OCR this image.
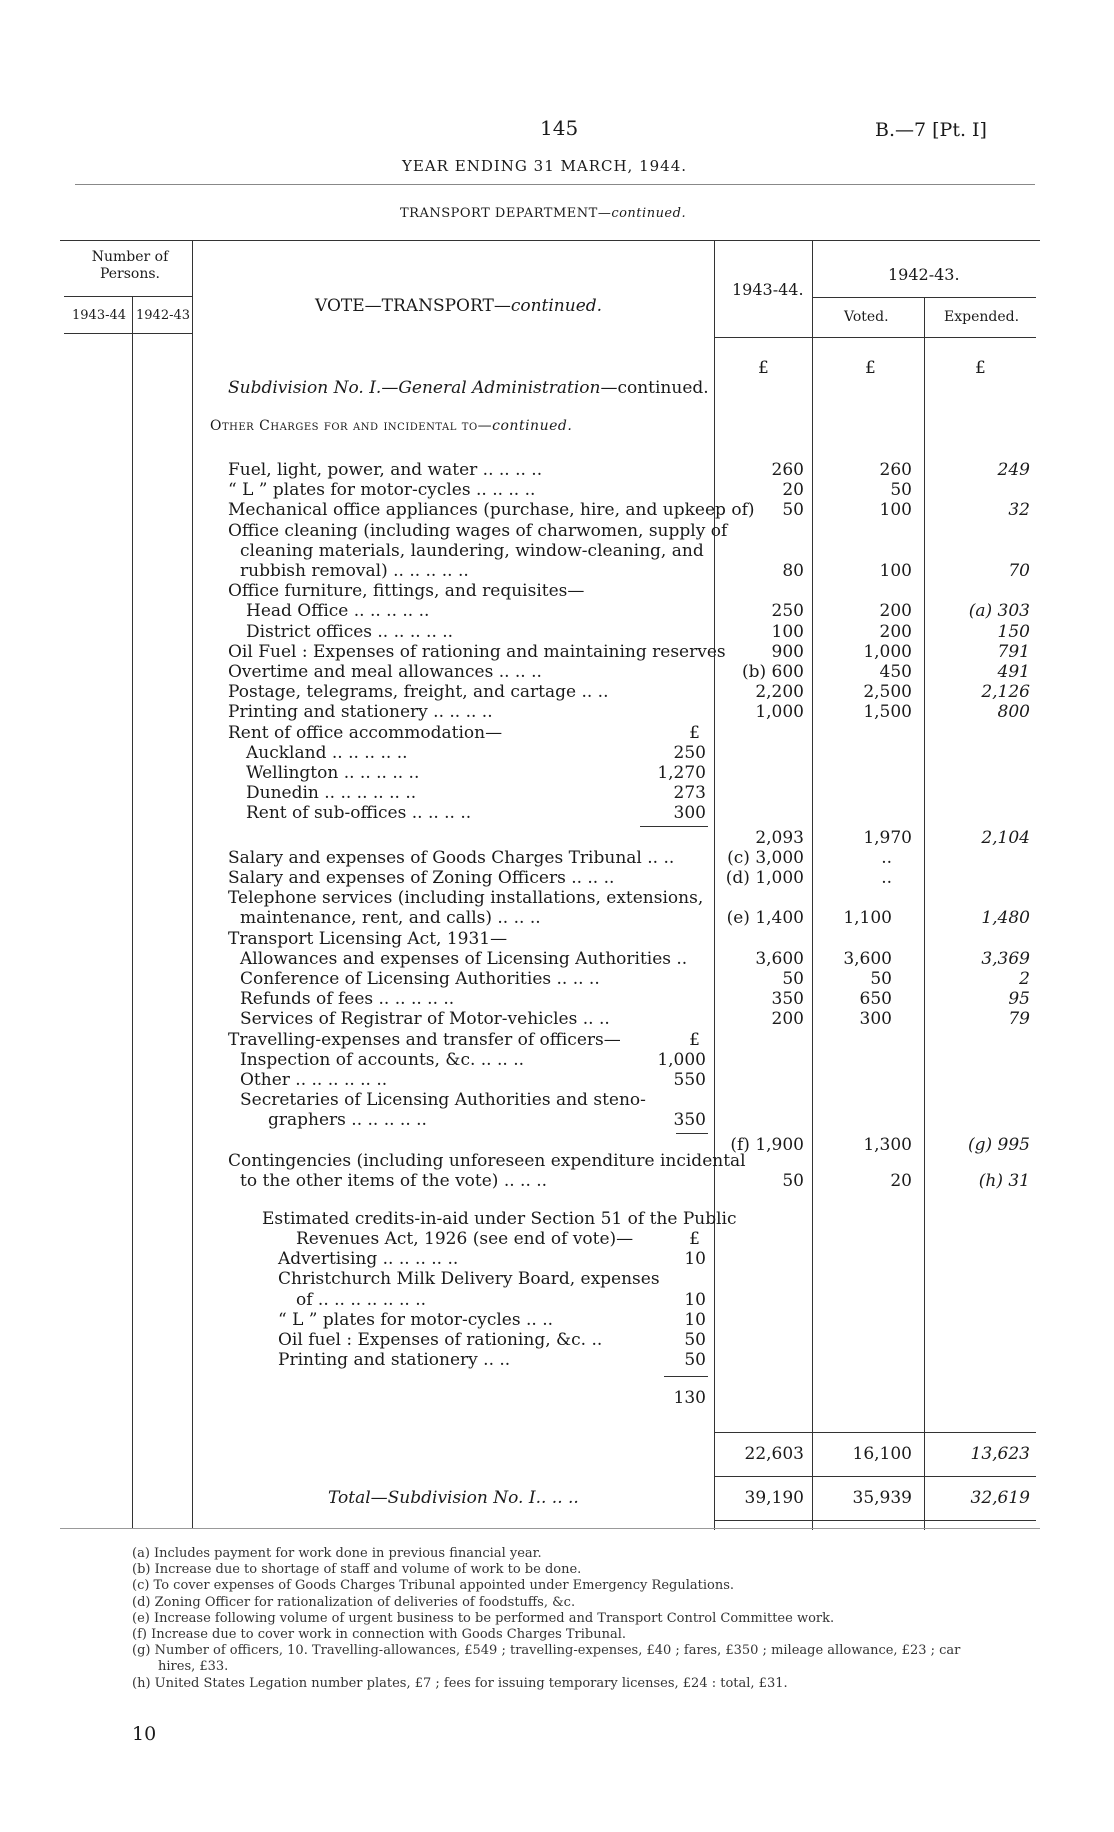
145	B.—7 [Pt. I]
YEAR ENDING 31 MARCH, 1944.
TRANSPORT DEPARTMENT—continued.
Number of Persons.
1943-44 1942-43	VOTE—TRANSPORT—continued.
1943-44.
1942-43.
Voted.	Expended.
£	£	£
Subdivision No. I.—General Administration—continued.
Other Charges for and incidental to—continued.
Fuel, light, power, and water .. .. .. ..	260	260	249
“ L ” plates for motor-cycles .. .. .. ..	20	50
Mechanical office appliances (purchase, hire, and upkeep of) 50	100	32
Office cleaning (including wages of charwomen, supply of
cleaning materials, laundering, window-cleaning, and
rubbish removal) .. .. .. .. ..	80	100	70
Office furniture, fittings, and requisites—
Head Office .. .. .. .. ..	250	200	(a) 303
District offices .. .. .. .. ..	100	200	150
Oil Fuel : Expenses of rationing and maintaining reserves	900	1,000	791
Overtime and meal allowances .. .. ..	(b) 600	450	491
Postage, telegrams, freight, and cartage .. ..	2,200	2,500	2,126
Printing and stationery .. .. .. ..	1,000	1,500	800
Rent of office accommodation—	£
Auckland .. .. .. .. ..	250
Wellington .. .. .. .. ..	1,270
Dunedin .. .. .. .. .. ..	273
Rent of sub-offices .. .. .. ..	300
2,093	1,970	2,104
Salary and expenses of Goods Charges Tribunal .. ..	(c) 3,000	..
Salary and expenses of Zoning Officers .. .. ..	(d) 1,000	..
Telephone services (including installations, extensions,
maintenance, rent, and calls) .. .. ..	(e) 1,400 1,100	1,480
Transport Licensing Act, 1931—
Allowances and expenses of Licensing Authorities ..	3,600 3,600	3,369
Conference of Licensing Authorities .. .. ..	50	50	2
Refunds of fees .. .. .. .. ..	350	650	95
Services of Registrar of Motor-vehicles .. ..	200	300	79
Travelling-expenses and transfer of officers—	£
Inspection of accounts, &c. .. .. ..	1,000
Other .. .. .. .. .. ..	550
Secretaries of Licensing Authorities and steno-
graphers .. .. .. .. ..	350
(f) 1,900	1,300	(g) 995
Contingencies (including unforeseen expenditure incidental
to the other items of the vote) .. .. ..	50	20	(h) 31
Estimated credits-in-aid under Section 51 of the Public
Revenues Act, 1926 (see end of vote)—	£
Advertising .. .. .. .. ..	10
Christchurch Milk Delivery Board, expenses
of .. .. .. .. .. .. ..	10
“ L ” plates for motor-cycles .. ..	10
Oil fuel : Expenses of rationing, &c. ..	50
Printing and stationery .. ..	50
130
22,603	16,100	13,623
Total—Subdivision No. I.. .. ..	39,190	35,939	32,619
(a) Includes payment for work done in previous financial year.
(b) Increase due to shortage of staff and volume of work to be done.
(c) To cover expenses of Goods Charges Tribunal appointed under Emergency Regulations.
(d) Zoning Officer for rationalization of deliveries of foodstuffs, &c.
(e) Increase following volume of urgent business to be performed and Transport Control Committee work.
(f) Increase due to cover work in connection with Goods Charges Tribunal.
(g) Number of officers, 10. Travelling-allowances, £549 ; travelling-expenses, £40 ; fares, £350 ; mileage allowance, £23 ; car
hires, £33.
(h) United States Legation number plates, £7 ; fees for issuing temporary licenses, £24 : total, £31.
10
